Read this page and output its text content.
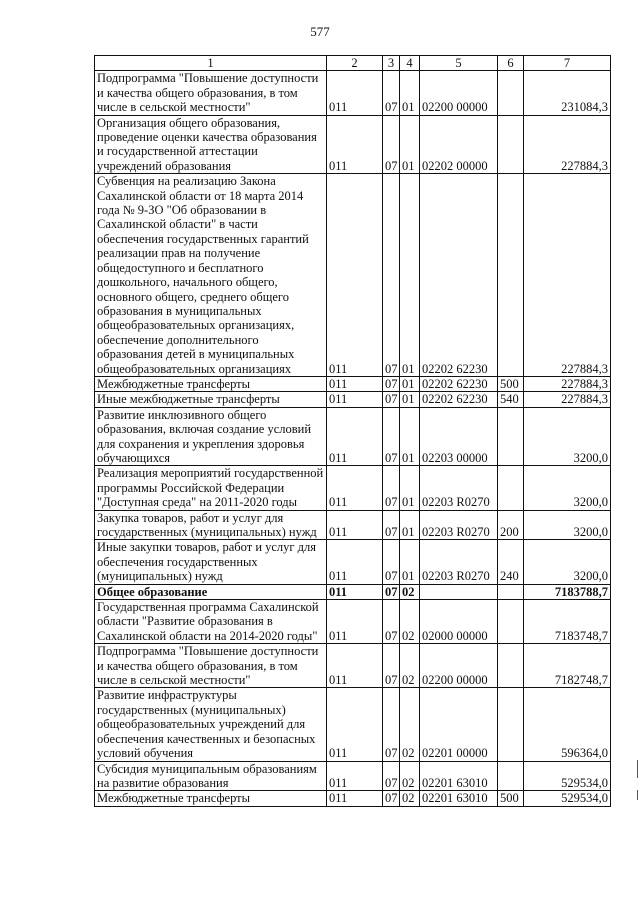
577
1	2	3	4	5	6	7
Подпрограмма "Повышение доступности и качества общего образования, в том числе в сельской местности"	011	07	01	02200 00000		231084,3
Организация общего образования, проведение оценки качества образования и государственной аттестации учреждений образования	011	07	01	02202 00000		227884,3
Субвенция на реализацию Закона Сахалинской области от 18 марта 2014 года № 9-ЗО "Об образовании в Сахалинской области" в части обеспечения государственных гарантий реализации прав на получение общедоступного и бесплатного дошкольного, начального общего, основного общего, среднего общего образования в муниципальных общеобразовательных организациях, обеспечение дополнительного образования детей в муниципальных общеобразовательных организациях	011	07	01	02202 62230		227884,3
Межбюджетные трансферты	011	07	01	02202 62230	500	227884,3
Иные межбюджетные трансферты	011	07	01	02202 62230	540	227884,3
Развитие инклюзивного общего образования, включая создание условий для сохранения и укрепления здоровья обучающихся	011	07	01	02203 00000		3200,0
Реализация мероприятий государственной программы Российской Федерации "Доступная среда" на 2011-2020 годы	011	07	01	02203 R0270		3200,0
Закупка товаров, работ и услуг для государственных (муниципальных) нужд	011	07	01	02203 R0270	200	3200,0
Иные закупки товаров, работ и услуг для обеспечения государственных (муниципальных) нужд	011	07	01	02203 R0270	240	3200,0
Общее образование	011	07	02			7183788,7
Государственная программа Сахалинской области "Развитие образования в Сахалинской области на 2014-2020 годы"	011	07	02	02000 00000		7183748,7
Подпрограмма "Повышение доступности и качества общего образования, в том числе в сельской местности"	011	07	02	02200 00000		7182748,7
Развитие инфраструктуры государственных (муниципальных) общеобразовательных учреждений для обеспечения качественных и безопасных условий обучения	011	07	02	02201 00000		596364,0
Субсидия муниципальным образованиям на развитие образования	011	07	02	02201 63010		529534,0
Межбюджетные трансферты	011	07	02	02201 63010	500	529534,0
